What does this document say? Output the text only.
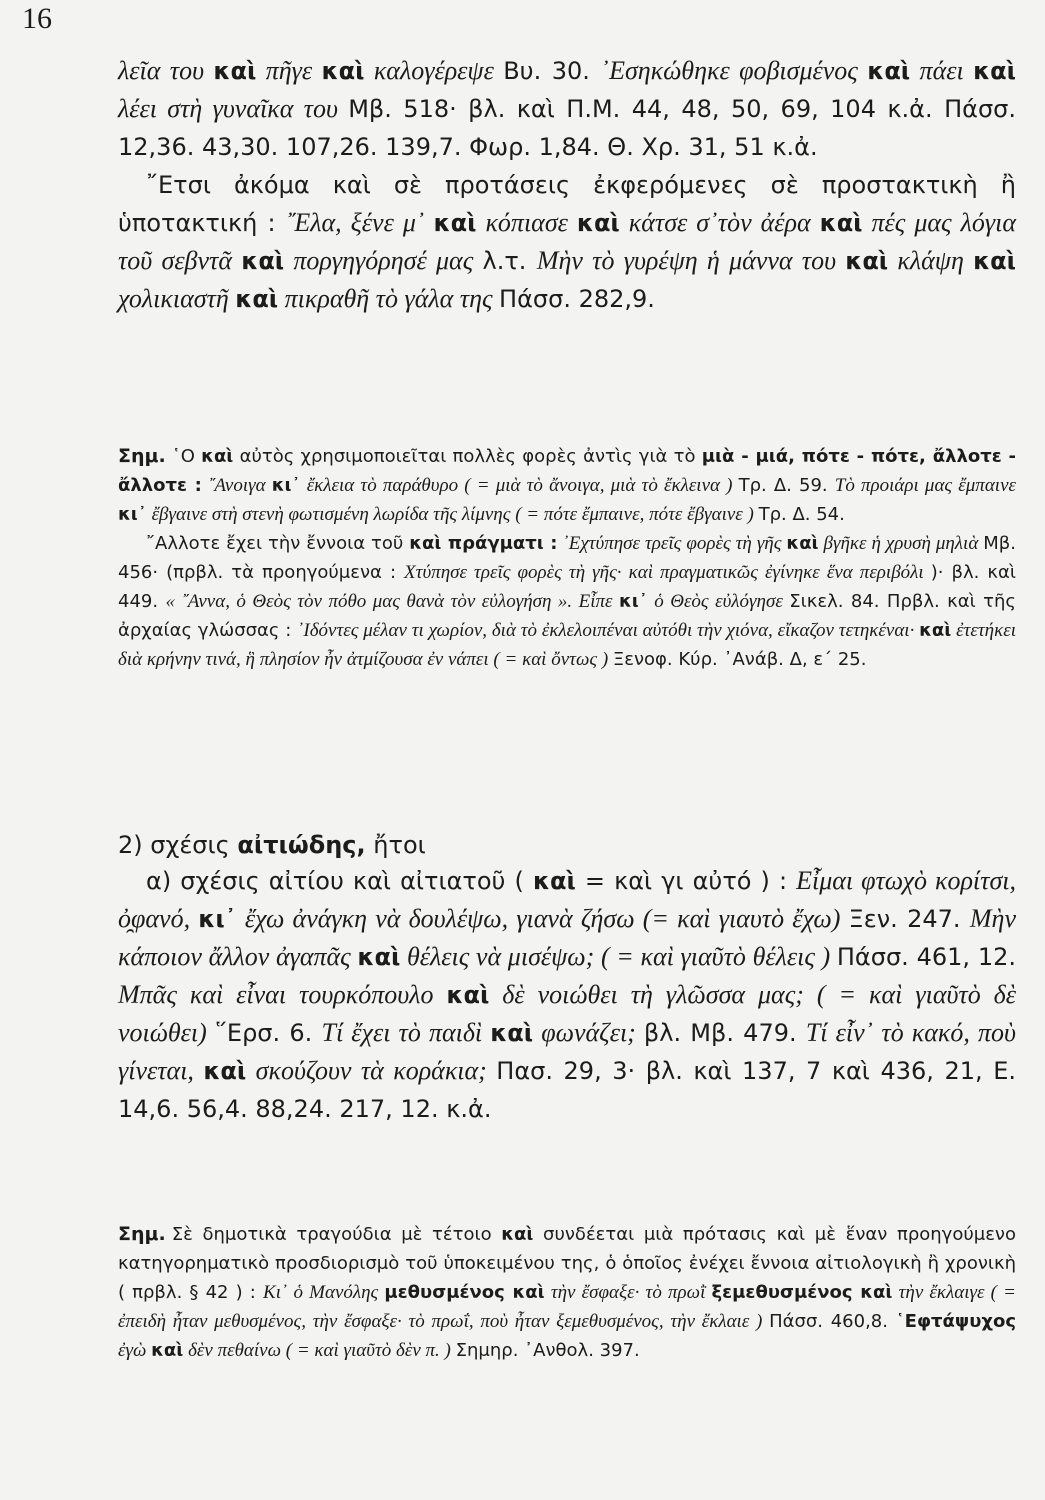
16

λεῖα του καὶ πῆγε καὶ καλογέρεψε Βυ. 30. ᾿Εσηκώθηκε φοβισμένος καὶ πάει καὶ λέει στὴ γυναῖκα του Μβ. 518· βλ. καὶ Π.Μ. 44, 48, 50, 69, 104 κ.ἀ. Πάσσ. 12,36. 43,30. 107,26. 139,7. Φωρ. 1,84. Θ. Χρ. 31, 51 κ.ἀ.

῎Ετσι ἀκόμα καὶ σὲ προτάσεις ἐκφερόμενες σὲ προστακτικὴ ἢ ὑποτακτική : ῎Ελα, ξένε μ᾿ καὶ κόπιασε καὶ κάτσε σ᾿τὸν ἀέρα καὶ πές μας λόγια τοῦ σεβντᾶ καὶ ποργηγόρησέ μας λ.τ. Μὴν τὸ γυρέψη ἡ μάννα του καὶ κλάψη καὶ χολικιαστῆ καὶ πικραθῆ τὸ γάλα της Πάσσ. 282,9.

Σημ. ῾Ο καὶ αὐτὸς χρησιμοποιεῖται πολλὲς φορὲς ἀντὶς γιὰ τὸ μιὰ - μιά, πότε - πότε, ἄλλοτε - ἄλλοτε : ῎Ανοιγα κι᾿ ἔκλεια τὸ παράθυρο ( = μιὰ τὸ ἄνοιγα, μιὰ τὸ ἔκλεινα ) Τρ. Δ. 59. Τὸ προιάρι μας ἔμπαινε κι᾿ ἔβγαινε στὴ στενὴ φωτισμένη λωρίδα τῆς λίμνης ( = πότε ἔμπαινε, πότε ἔβγαινε ) Τρ. Δ. 54.

῎Αλλοτε ἔχει τὴν ἔννοια τοῦ καὶ πράγματι : ᾿Εχτύπησε τρεῖς φορὲς τὴ γῆς καὶ βγῆκε ἡ χρυσὴ μηλιὰ Μβ. 456· (πρβλ. τὰ προηγούμενα : Χτύπησε τρεῖς φορὲς τὴ γῆς· καὶ πραγματικῶς ἐγίνηκε ἕνα περιβόλι )· βλ. καὶ 449. « ῎Αννα, ὁ Θεὸς τὸν πόθο μας θανὰ τὸν εὐλογήση ». Εἶπε κι᾿ ὁ Θεὸς εὐλόγησε Σικελ. 84. Πρβλ. καὶ τῆς ἀρχαίας γλώσσας : ᾿Ιδόντες μέλαν τι χωρίον, διὰ τὸ ἐκλελοιπέναι αὐτόθι τὴν χιόνα, εἴκαζον τετηκέναι· καὶ ἐτετήκει διὰ κρήνην τινά, ἣ πλησίον ἦν ἀτμίζουσα ἐν νάπει ( = καὶ ὄντως ) Ξενοφ. Κύρ. ᾿Ανάβ. Δ, ε΄ 25.

2) σχέσις αἰτιώδης, ἤτοι

α) σχέσις αἰτίου καὶ αἰτιατοῦ ( καὶ = καὶ γι αὐτό ) : Εἶμαι φτωχὸ κορίτσι, ὀ̯φανό, κι᾿ ἔχω ἀνάγκη νὰ δουλέψω, γιανὰ ζήσω (= καὶ γιαυτὸ ἔχω) Ξεν. 247. Μὴν κάποιον ἄλλον ἀγαπᾶς καὶ θέλεις νὰ μισέψω; ( = καὶ γιαῦτὸ θέλεις ) Πάσσ. 461, 12. Μπᾶς καὶ εἶναι τουρκόπουλο καὶ δὲ νοιώθει τὴ γλῶσσα μας; ( = καὶ γιαῦτὸ δὲ νοιώθει) ῞Ερσ. 6. Τί ἔχει τὸ παιδὶ καὶ φωνάζει; βλ. Μβ. 479. Τί εἶν᾿ τὸ κακό, ποὺ γίνεται, καὶ σκούζουν τὰ κοράκια; Πασ. 29, 3· βλ. καὶ 137, 7 καὶ 436, 21, Ε. 14,6. 56,4. 88,24. 217, 12. κ.ἀ.

Σημ. Σὲ δημοτικὰ τραγούδια μὲ τέτοιο καὶ συνδέεται μιὰ πρότασις καὶ μὲ ἕναν προηγούμενο κατηγορηματικὸ προσδιορισμὸ τοῦ ὑποκειμένου της, ὁ ὁποῖος ἐνέχει ἔννοια αἰτιολογικὴ ἢ χρονικὴ ( πρβλ. § 42 ) : Κι᾿ ὁ Μανόλης μεθυσμένος καὶ τὴν ἔσφαξε· τὸ πρωῒ ξεμεθυσμένος καὶ τὴν ἔκλαιγε ( = ἐπειδὴ ἦταν μεθυσμένος, τὴν ἔσφαξε· τὸ πρωΐ, ποὺ ἦταν ξεμεθυσμένος, τὴν ἔκλαιε ) Πάσσ. 460,8. ῾Εφτάψυχος ἐγὼ καὶ δὲν πεθαίνω ( = καὶ γιαῦτὸ δὲν π. ) Σημηρ. ᾿Ανθολ. 397.
